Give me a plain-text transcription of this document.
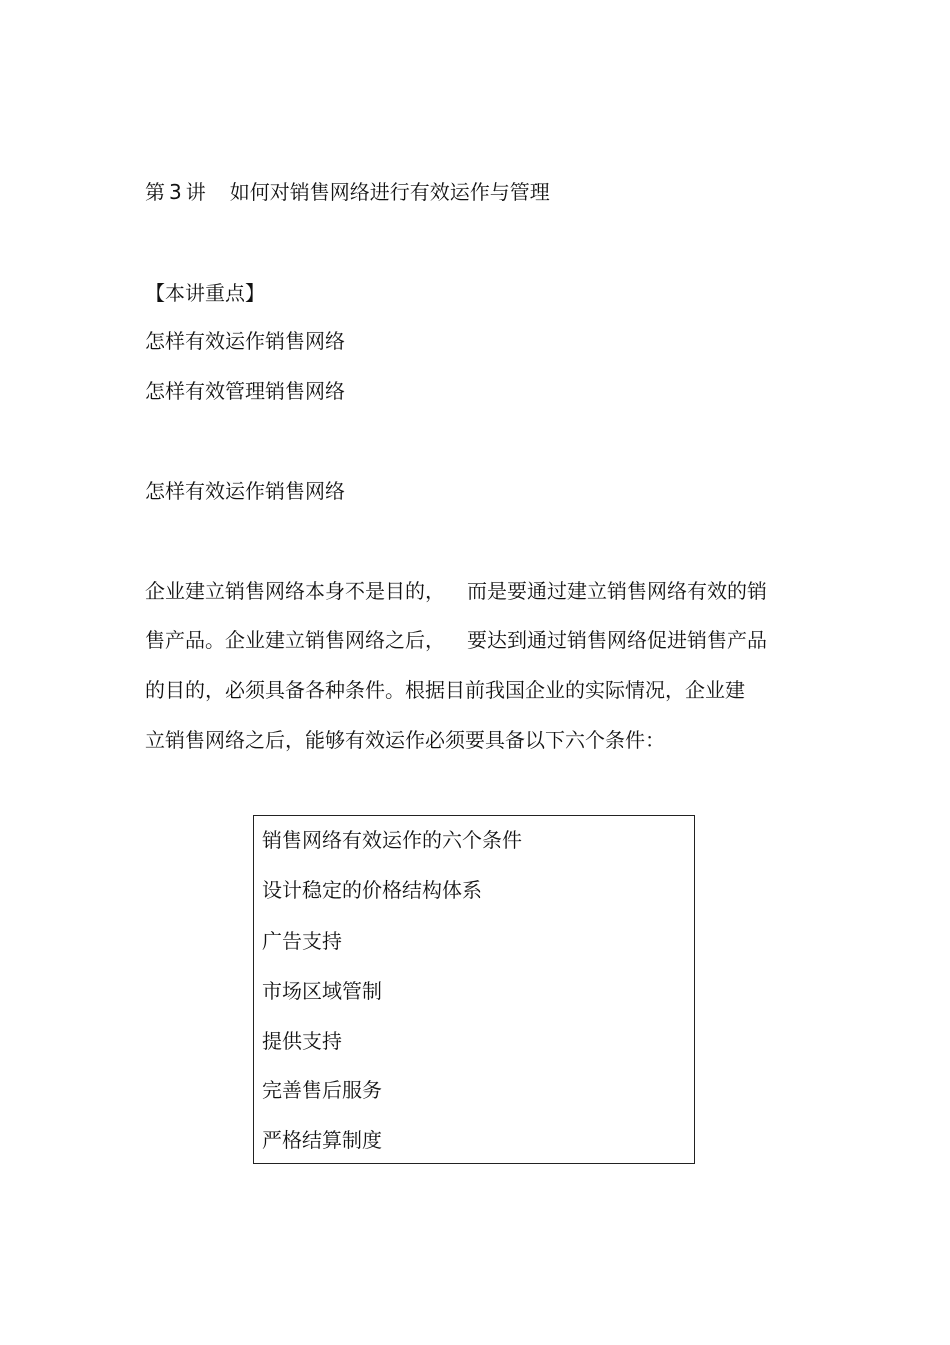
第 3 讲 如何对销售网络进行有效运作与管理
【本讲重点】
怎样有效运作销售网络
怎样有效管理销售网络
怎样有效运作销售网络
企业建立销售网络本身不是目的， 而是要通过建立销售网络有效的销
售产品。企业建立销售网络之后， 要达到通过销售网络促进销售产品
的目的，必须具备各种条件。根据目前我国企业的实际情况，企业建
立销售网络之后，能够有效运作必须要具备以下六个条件：
销售网络有效运作的六个条件
设计稳定的价格结构体系
广告支持
市场区域管制
提供支持
完善售后服务
严格结算制度
